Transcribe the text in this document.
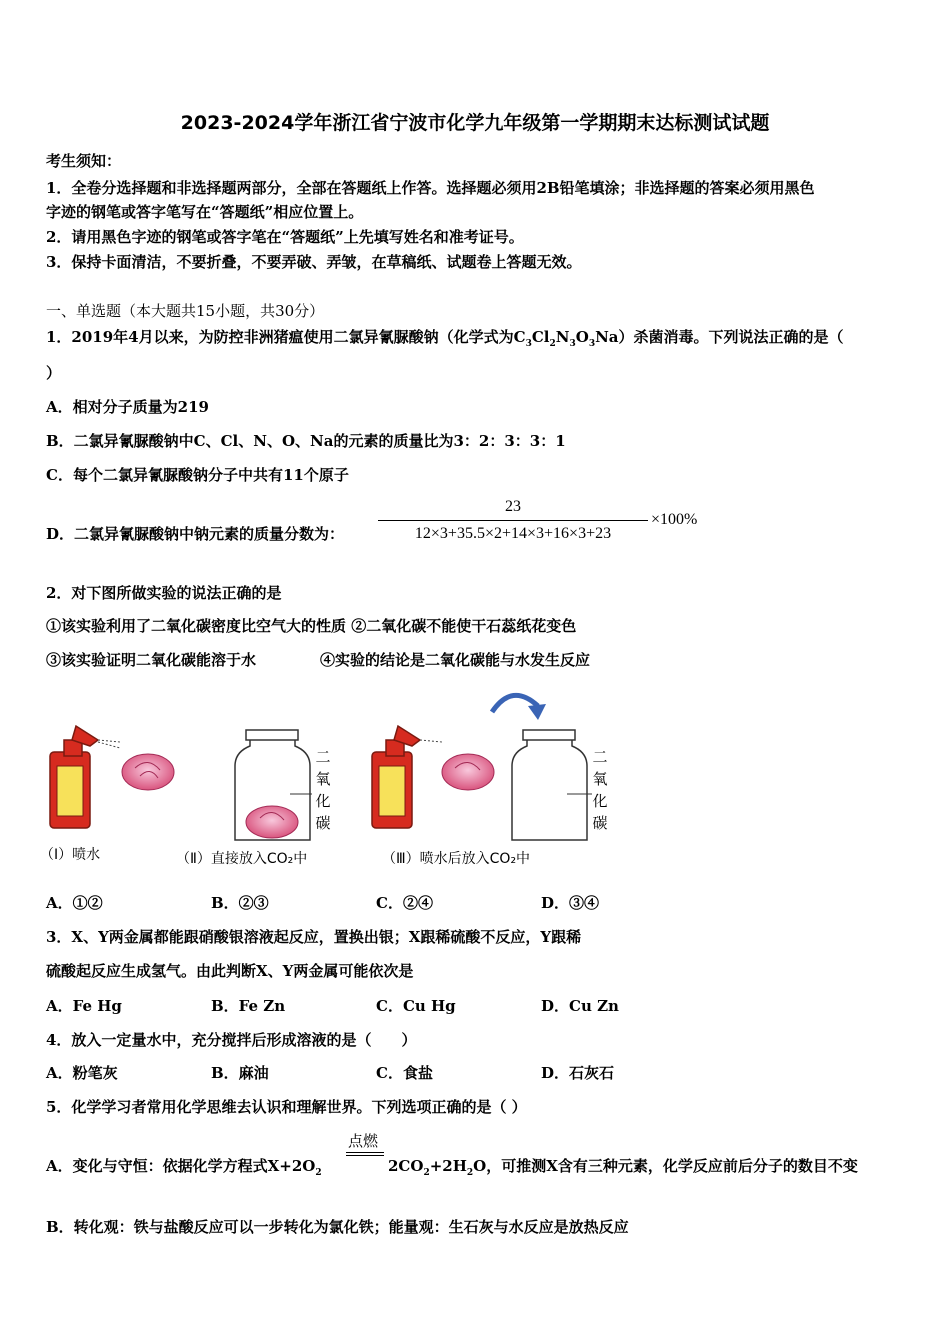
2023-2024学年浙江省宁波市化学九年级第一学期期末达标测试试题
考生须知：
1．全卷分选择题和非选择题两部分，全部在答题纸上作答。选择题必须用2B铅笔填涂；非选择题的答案必须用黑色
字迹的钢笔或答字笔写在“答题纸”相应位置上。
2．请用黑色字迹的钢笔或答字笔在“答题纸”上先填写姓名和准考证号。
3．保持卡面清洁，不要折叠，不要弄破、弄皱，在草稿纸、试题卷上答题无效。
一、单选题（本大题共15小题，共30分）
1．2019年4月以来，为防控非洲猪瘟使用二氯异氰脲酸钠（化学式为$C_3Cl_2N_3O_3Na$）杀菌消毒。下列说法正确的是（
）
A．相对分子质量为219
B．二氯异氰脲酸钠中C、Cl、N、O、Na的元素的质量比为3：2：3：3：1
C．每个二氯异氰脲酸钠分子中共有11个原子
D．二氯异氰脲酸钠中钠元素的质量分数为：
23
12×3+35.5×2+14×3+16×3+23
×100%
2．对下图所做实验的说法正确的是
①该实验利用了二氧化碳密度比空气大的性质 ②二氧化碳不能使干石蕊纸花变色
③该实验证明二氧化碳能溶于水	④实验的结论是二氧化碳能与水发生反应
二
氧
化
碳
二
氧
化
碳
（I）喷水	（Ⅱ）直接放入CO₂中	（Ⅲ）喷水后放入CO₂中
A．①②	B．②③	C．②④	D．③④
3．X、Y两金属都能跟硝酸银溶液起反应，置换出银；X跟稀硫酸不反应，Y跟稀
硫酸起反应生成氢气。由此判断X、Y两金属可能依次是
A．Fe Hg	B．Fe Zn	C．Cu Hg	D．Cu Zn
4．放入一定量水中，充分搅拌后形成溶液的是（　　）
A．粉笔灰	B．麻油	C．食盐	D．石灰石
5．化学学习者常用化学思维去认识和理解世界。下列选项正确的是（ ）
点燃
A．变化与守恒：依据化学方程式$X+2O_2$	$2CO_2+2H_2O$，可推测X含有三种元素，化学反应前后分子的数目不变
B．转化观：铁与盐酸反应可以一步转化为氯化铁；能量观：生石灰与水反应是放热反应
